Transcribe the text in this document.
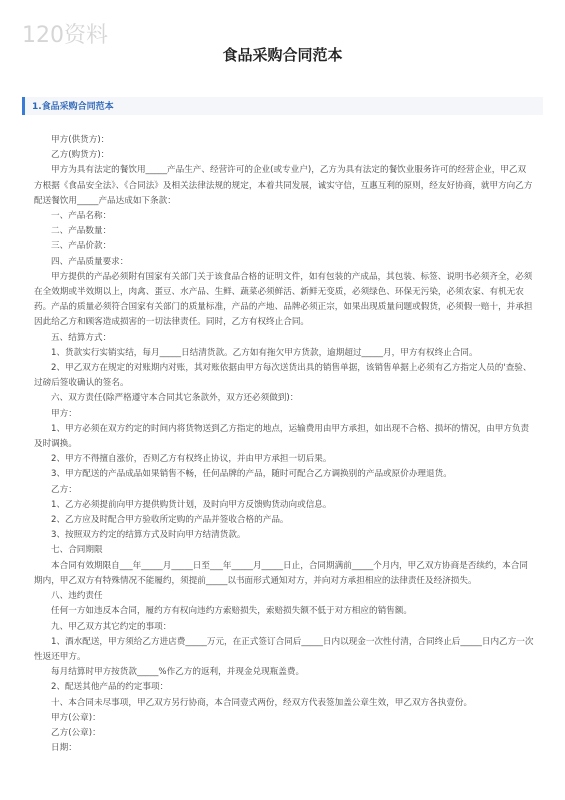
120资料
食品采购合同范本
1.食品采购合同范本

甲方(供货方)：

乙方(购货方)：

甲方为具有法定的餐饮用_____产品生产、经营许可的企业(或专业户)，乙方为具有法定的餐饮业服务许可的经营企业，甲乙双方根据《食品安全法》、《合同法》及相关法律法规的规定，本着共同发展，诚实守信，互惠互利的原则，经友好协商，就甲方向乙方配送餐饮用_____产品达成如下条款：

一、产品名称：

二、产品数量：

三、产品价款：

四、产品质量要求：

甲方提供的产品必须附有国家有关部门关于该食品合格的证明文件，如有包装的产成品，其包装、标签、说明书必须齐全，必须在全效期或半效期以上，肉禽、蛋豆、水产品、生鲜、蔬菜必须鲜活、新鲜无变质，必须绿色、环保无污染，必须农家、有机无农药。产品的质量必须符合国家有关部门的质量标准，产品的产地、品牌必须正宗，如果出现质量问题或假货，必须假一赔十，并承担因此给乙方和顾客造成损害的一切法律责任。同时，乙方有权终止合同。

五、结算方式：

1、货款实行实销实结，每月_____日结清货款。乙方如有拖欠甲方货款，逾期超过_____月，甲方有权终止合同。

2、甲乙双方在规定的对账期内对账，其对账依据由甲方每次送货出具的销售单据，该销售单据上必须有乙方指定人员的'查验、过磅后签收确认的签名。

六、双方责任(除严格遵守本合同其它条款外，双方还必须做到)：

甲方：

1、甲方必须在双方约定的时间内将货物送到乙方指定的地点，运输费用由甲方承担，如出现不合格、损坏的情况，由甲方负责及时调换。

2、甲方不得擅自涨价，否则乙方有权终止协议，并由甲方承担一切后果。

3、甲方配送的产品成品如果销售不畅，任何品牌的产品，随时可配合乙方调换别的产品或原价办理退货。

乙方：

1、乙方必须提前向甲方提供购货计划，及时向甲方反馈购货动向或信息。

2、乙方应及时配合甲方验收所定购的产品并签收合格的产品。

3、按照双方约定的结算方式及时向甲方结清货款。

七、合同期限

本合同有效期限自___年_____月_____日至___年_____月_____日止，合同期满前_____个月内，甲乙双方协商是否续约，本合同期内，甲乙双方有特殊情况不能履约，须提前_____以书面形式通知对方，并向对方承担相应的法律责任及经济损失。

八、违约责任

任何一方如违反本合同，履约方有权向违约方索赔损失，索赔损失额不低于对方相应的销售额。

九、甲乙双方其它约定的事项：

1、酒水配送，甲方须给乙方进店费_____万元，在正式签订合同后_____日内以现金一次性付清，合同终止后_____日内乙方一次性返还甲方。

每月结算时甲方按货款_____%作乙方的返利，并现金兑现瓶盖费。

2、配送其他产品的约定事项：

十、本合同未尽事项，甲乙双方另行协商，本合同壹式两份，经双方代表签加盖公章生效，甲乙双方各执壹份。

甲方(公章)：

乙方(公章)：

日期：
